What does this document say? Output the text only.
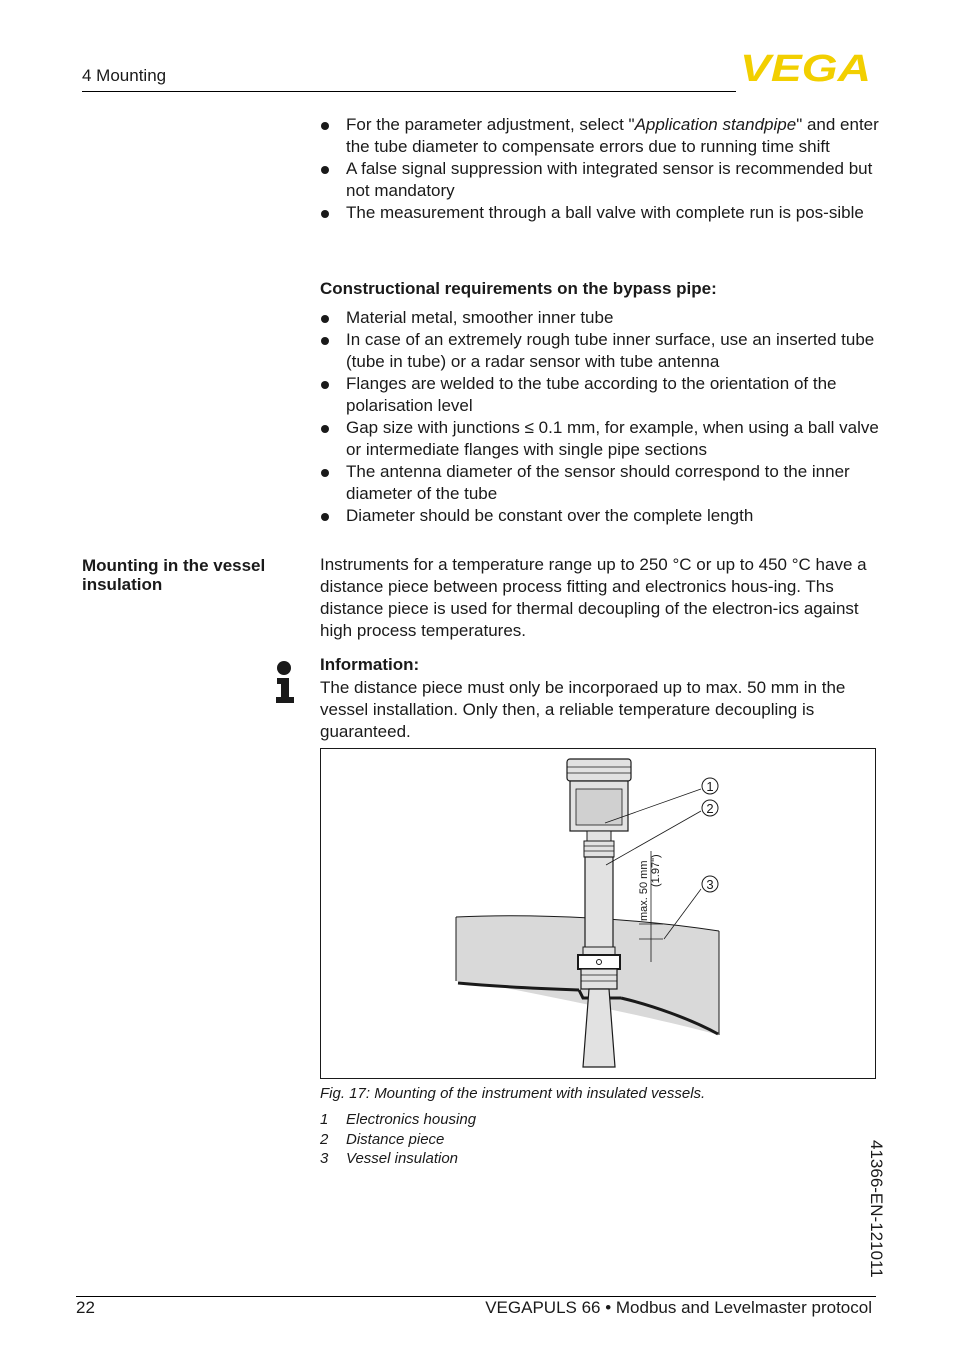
4 Mounting	VEGA
For the parameter adjustment, select "Application standpipe" and enter the tube diameter to compensate errors due to running time shift
A false signal suppression with integrated sensor is recommended but not mandatory
The measurement through a ball valve with complete run is pos-sible
Constructional requirements on the bypass pipe:
Material metal, smoother inner tube
In case of an extremely rough tube inner surface, use an inserted tube (tube in tube) or a radar sensor with tube antenna
Flanges are welded to the tube according to the orientation of the polarisation level
Gap size with junctions ≤ 0.1 mm, for example, when using a ball valve or intermediate flanges with single pipe sections
The antenna diameter of the sensor should correspond to the inner diameter of the tube
Diameter should be constant over the complete length
Mounting in the vessel insulation
Instruments for a temperature range up to 250 °C or up to 450 °C have a distance piece between process fitting and electronics hous-ing. Ths distance piece is used for thermal decoupling of the electron-ics against high process temperatures.
Information:
The distance piece must only be incorporaed up to max. 50 mm in the vessel installation. Only then, a reliable temperature decoupling is guaranteed.
max. 50 mm (1.97")
1
2
3
Fig. 17: Mounting of the instrument with insulated vessels.
1 Electronics housing
2 Distance piece
3 Vessel insulation	41366-EN-121011
22	VEGAPULS 66 • Modbus and Levelmaster protocol
